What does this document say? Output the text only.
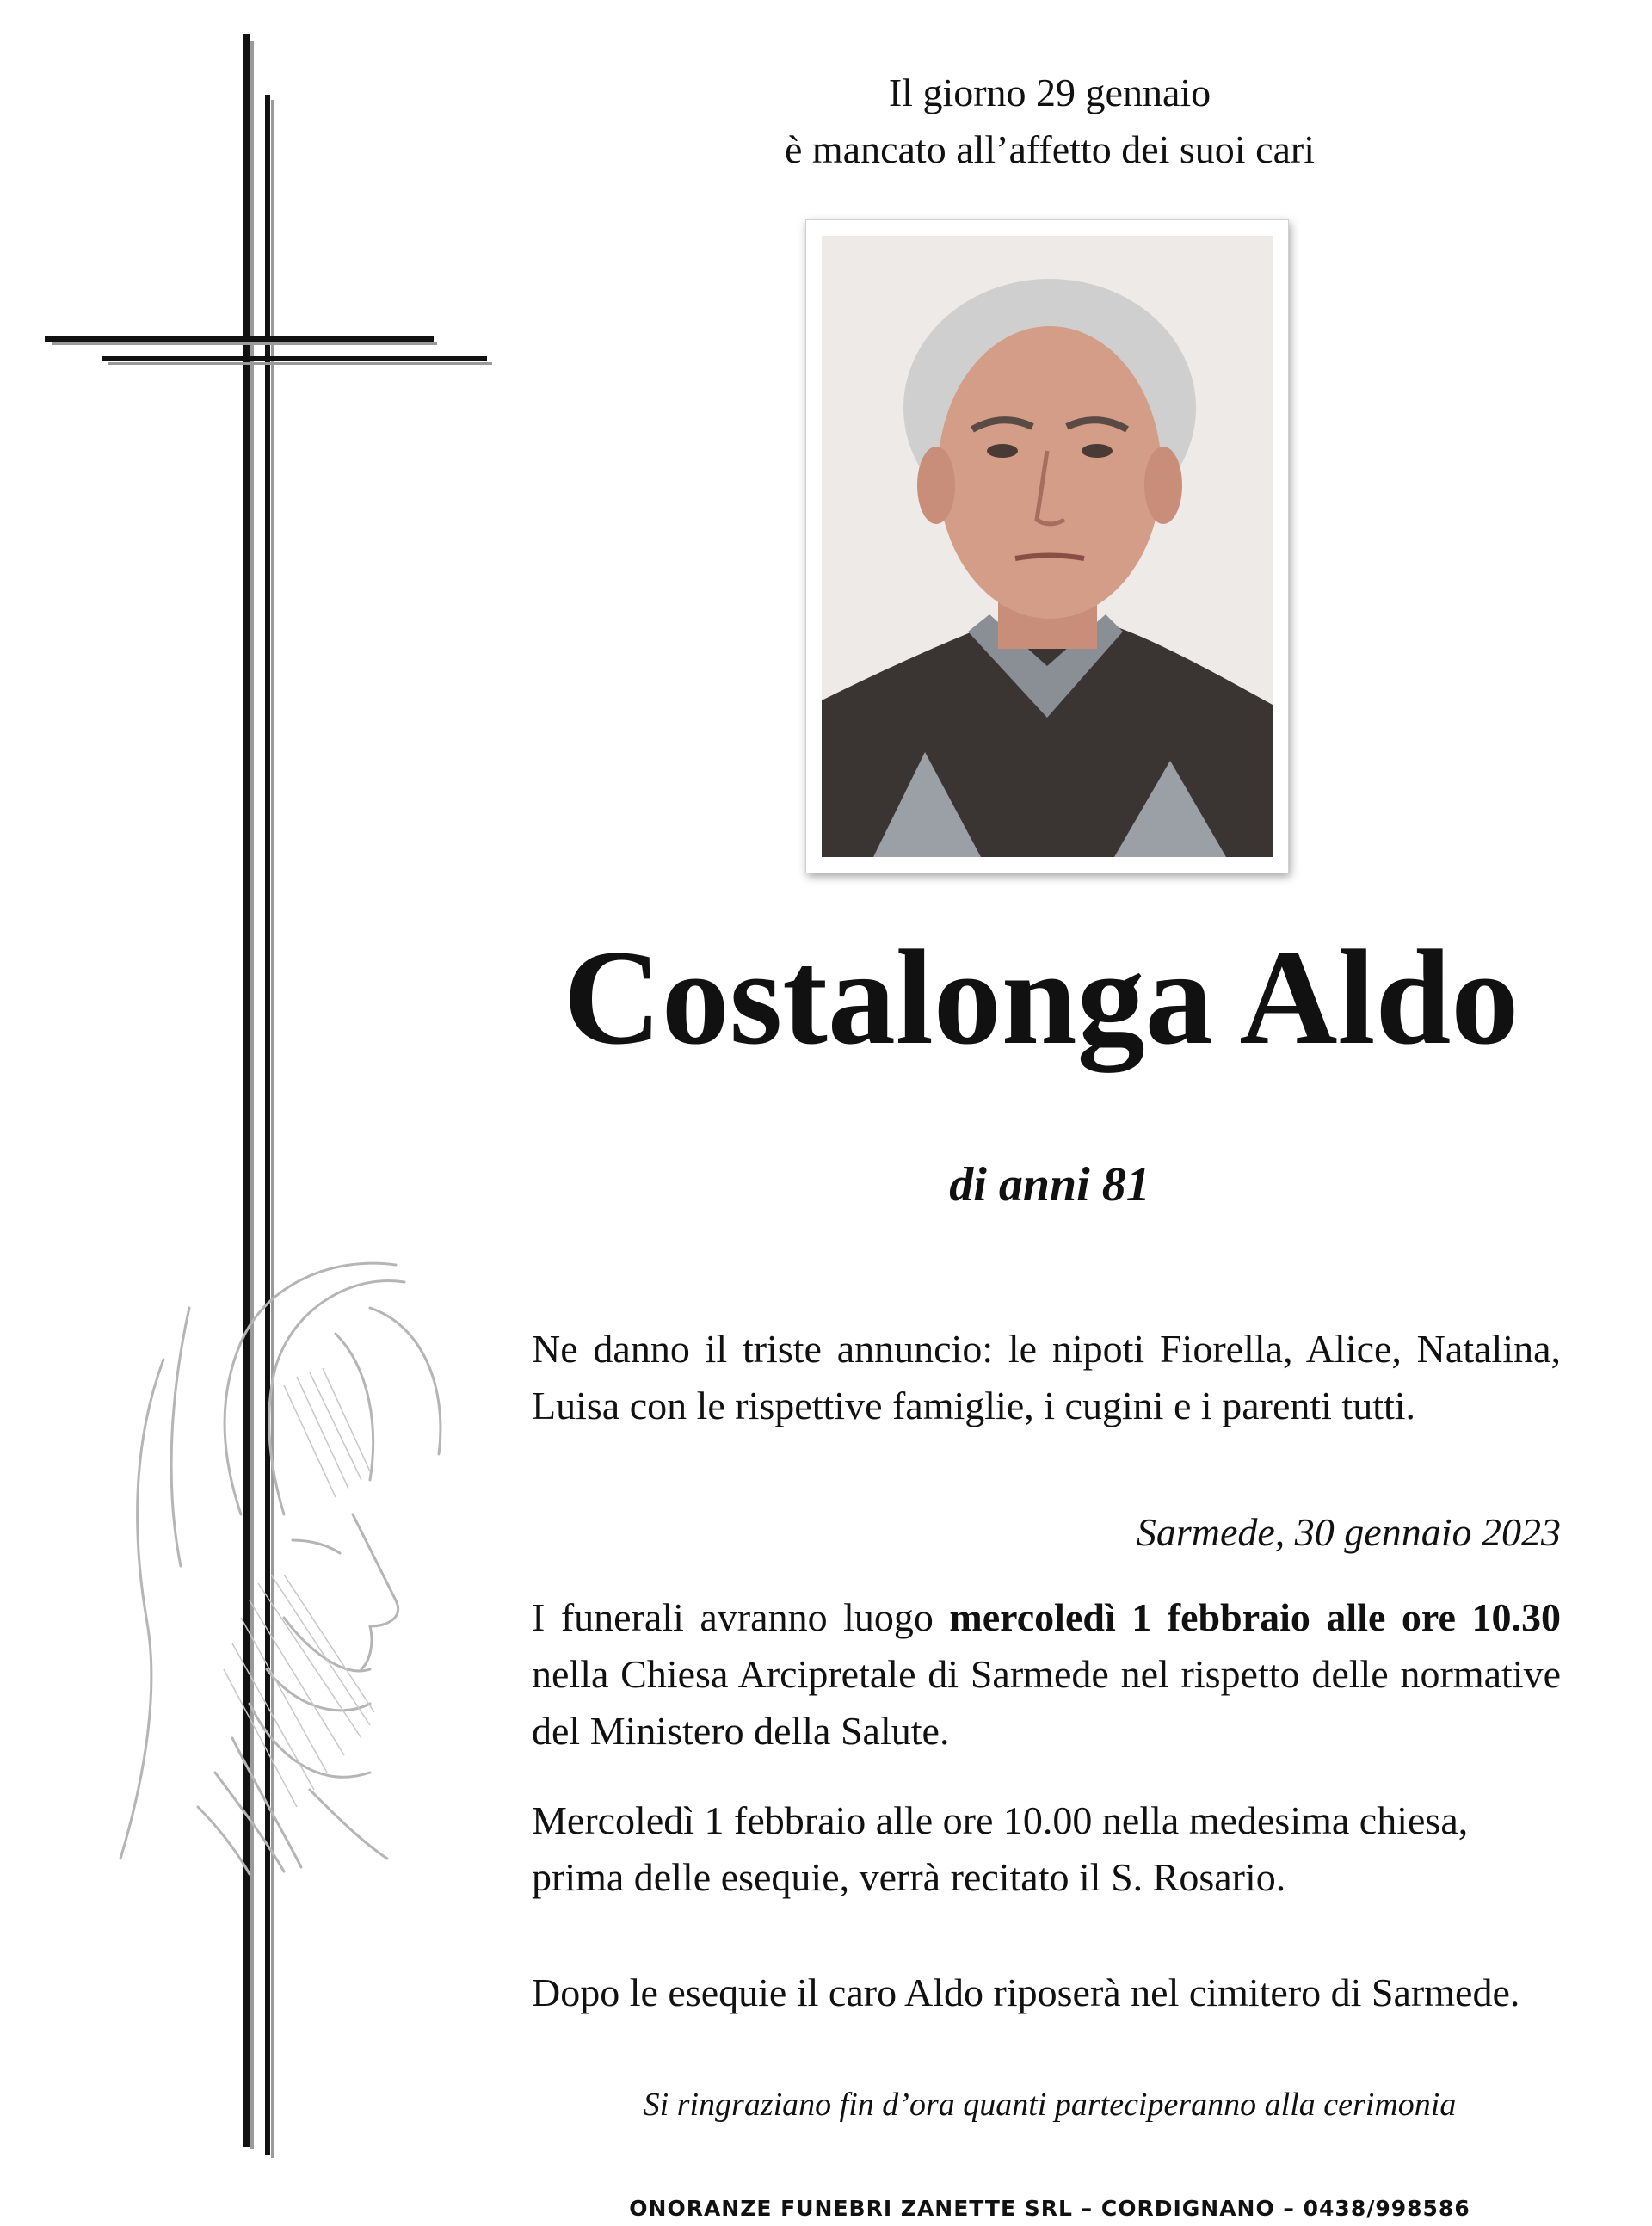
Il giorno 29 gennaio
è mancato all’affetto dei suoi cari
Costalonga Aldo
di anni 81

Ne danno il triste annuncio: le nipoti Fiorella, Alice, Natalina, Luisa con le rispettive famiglie, i cugini e i parenti tutti.

Sarmede, 30 gennaio 2023

I funerali avranno luogo mercoledì 1 febbraio alle ore 10.30 nella Chiesa Arcipretale di Sarmede nel rispetto delle normative del Ministero della Salute.

Mercoledì 1 febbraio alle ore 10.00 nella medesima chiesa, prima delle esequie, verrà recitato il S. Rosario.

Dopo le esequie il caro Aldo riposerà nel cimitero di Sarmede.

Si ringraziano fin d’ora quanti parteciperanno alla cerimonia
ONORANZE FUNEBRI ZANETTE SRL – CORDIGNANO – 0438/998586
